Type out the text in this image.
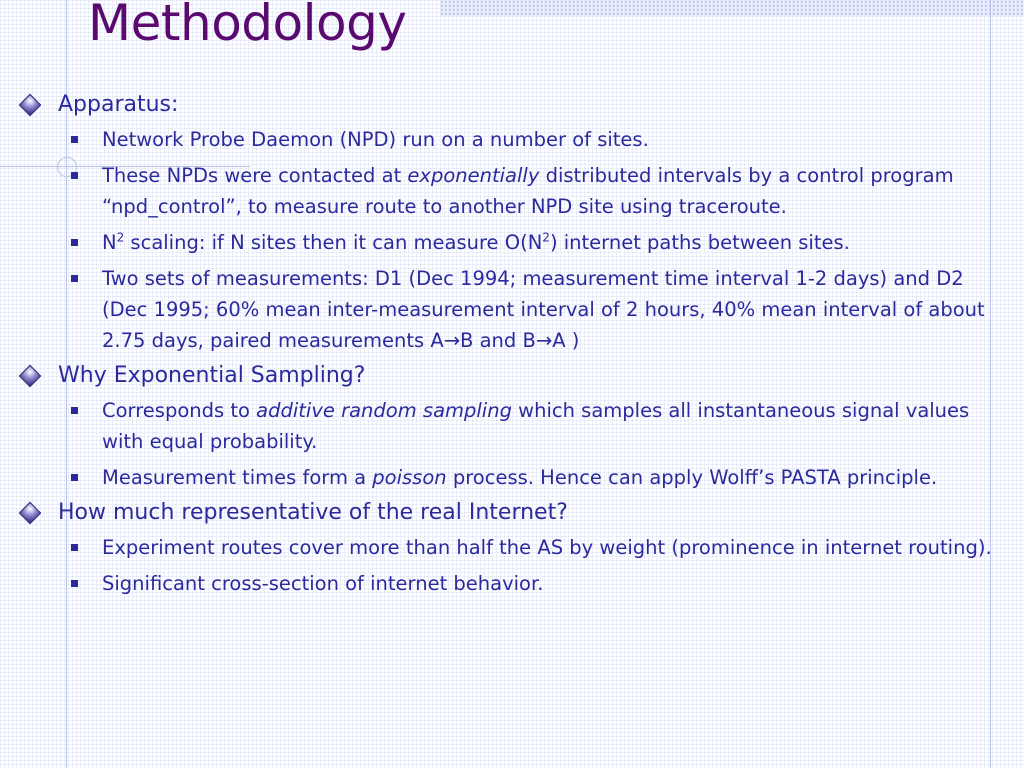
Methodology
Apparatus:
Network Probe Daemon (NPD) run on a number of sites.
These NPDs were contacted at exponentially distributed intervals by a control program “npd_control”, to measure route to another NPD site using traceroute.
$N^2$ scaling: if N sites then it can measure $O(N^2)$ internet paths between sites.
Two sets of measurements: D1 (Dec 1994; measurement time interval 1-2 days) and D2 (Dec 1995; 60% mean inter-measurement interval of 2 hours, 40% mean interval of about 2.75 days, paired measurements A→B and B→A )
Why Exponential Sampling?
Corresponds to additive random sampling which samples all instantaneous signal values with equal probability.
Measurement times form a poisson process. Hence can apply Wolff’s PASTA principle.
How much representative of the real Internet?
Experiment routes cover more than half the AS by weight (prominence in internet routing).
Significant cross-section of internet behavior.
